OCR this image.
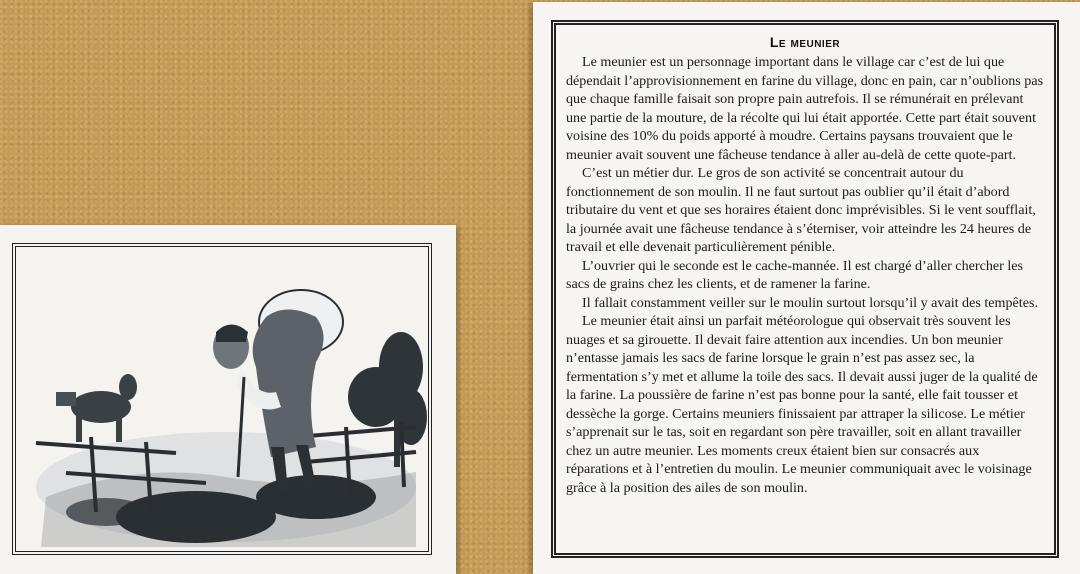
Le meunier

Le meunier est un personnage important dans le village car c’est de lui que dépendait l’approvisionnement en farine du village, donc en pain, car n’oublions pas que chaque famille faisait son propre pain autrefois. Il se rémunérait en prélevant une partie de la mouture, de la récolte qui lui était apportée. Cette part était souvent voisine des 10% du poids apporté à moudre. Certains paysans trouvaient que le meunier avait souvent une fâcheuse tendance à aller au-delà de cette quote-part.

C’est un métier dur. Le gros de son activité se concentrait autour du fonctionnement de son moulin. Il ne faut surtout pas oublier qu’il était d’abord tributaire du vent et que ses horaires étaient donc imprévisibles. Si le vent soufflait, la journée avait une fâcheuse tendance à s’éterniser, voir atteindre les 24 heures de travail et elle devenait particulièrement pénible.

L’ouvrier qui le seconde est le cache-mannée. Il est chargé d’aller chercher les sacs de grains chez les clients, et de ramener la farine.

Il fallait constamment veiller sur le moulin surtout lorsqu’il y avait des tempêtes.

Le meunier était ainsi un parfait météorologue qui observait très souvent les nuages et sa girouette. Il devait faire attention aux incendies. Un bon meunier n’entasse jamais les sacs de farine lorsque le grain n’est pas assez sec, la fermentation s’y met et allume la toile des sacs. Il devait aussi juger de la qualité de la farine. La poussière de farine n’est pas bonne pour la santé, elle fait tousser et dessèche la gorge. Certains meuniers finissaient par attraper la silicose. Le métier s’apprenait sur le tas, soit en regardant son père travailler, soit en allant travailler chez un autre meunier. Les moments creux étaient bien sur consacrés aux réparations et à l’entretien du moulin. Le meunier communiquait avec le voisinage grâce à la position des ailes de son moulin.
